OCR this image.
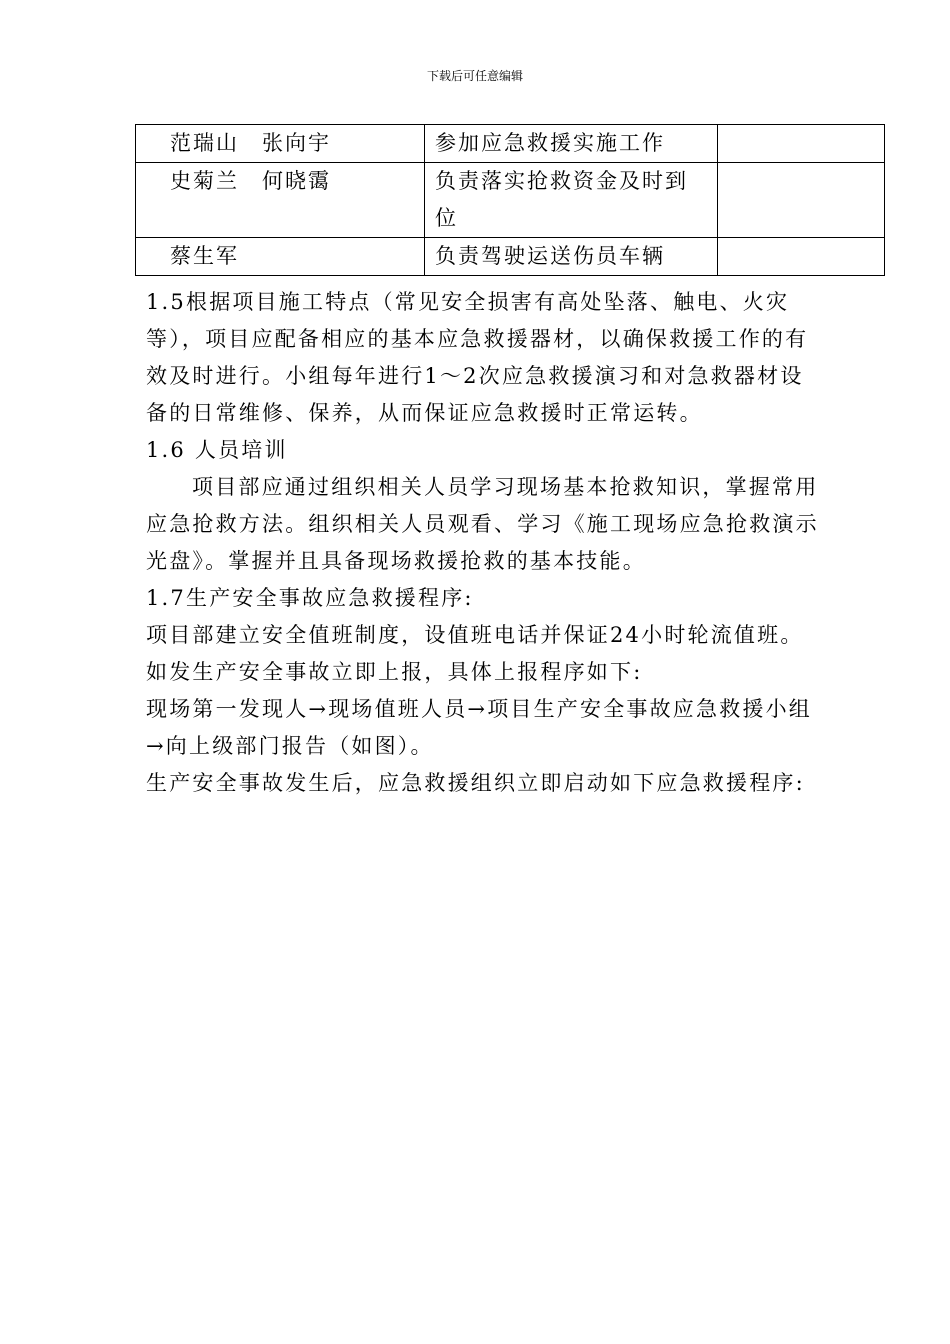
下载后可任意编辑
范瑞山　张向宇	参加应急救援实施工作	
史菊兰　何晓霭	负责落实抢救资金及时到位	
蔡生军	负责驾驶运送伤员车辆	

1.5根据项目施工特点（常见安全损害有高处坠落、触电、火灾等），项目应配备相应的基本应急救援器材，以确保救援工作的有效及时进行。小组每年进行1～2次应急救援演习和对急救器材设备的日常维修、保养，从而保证应急救援时正常运转。

1.6 人员培训

项目部应通过组织相关人员学习现场基本抢救知识，掌握常用应急抢救方法。组织相关人员观看、学习《施工现场应急抢救演示光盘》。掌握并且具备现场救援抢救的基本技能。

1.7生产安全事故应急救援程序:

项目部建立安全值班制度，设值班电话并保证24小时轮流值班。

如发生产安全事故立即上报，具体上报程序如下:

现场第一发现人→现场值班人员→项目生产安全事故应急救援小组→向上级部门报告（如图）。

生产安全事故发生后，应急救援组织立即启动如下应急救援程序:
